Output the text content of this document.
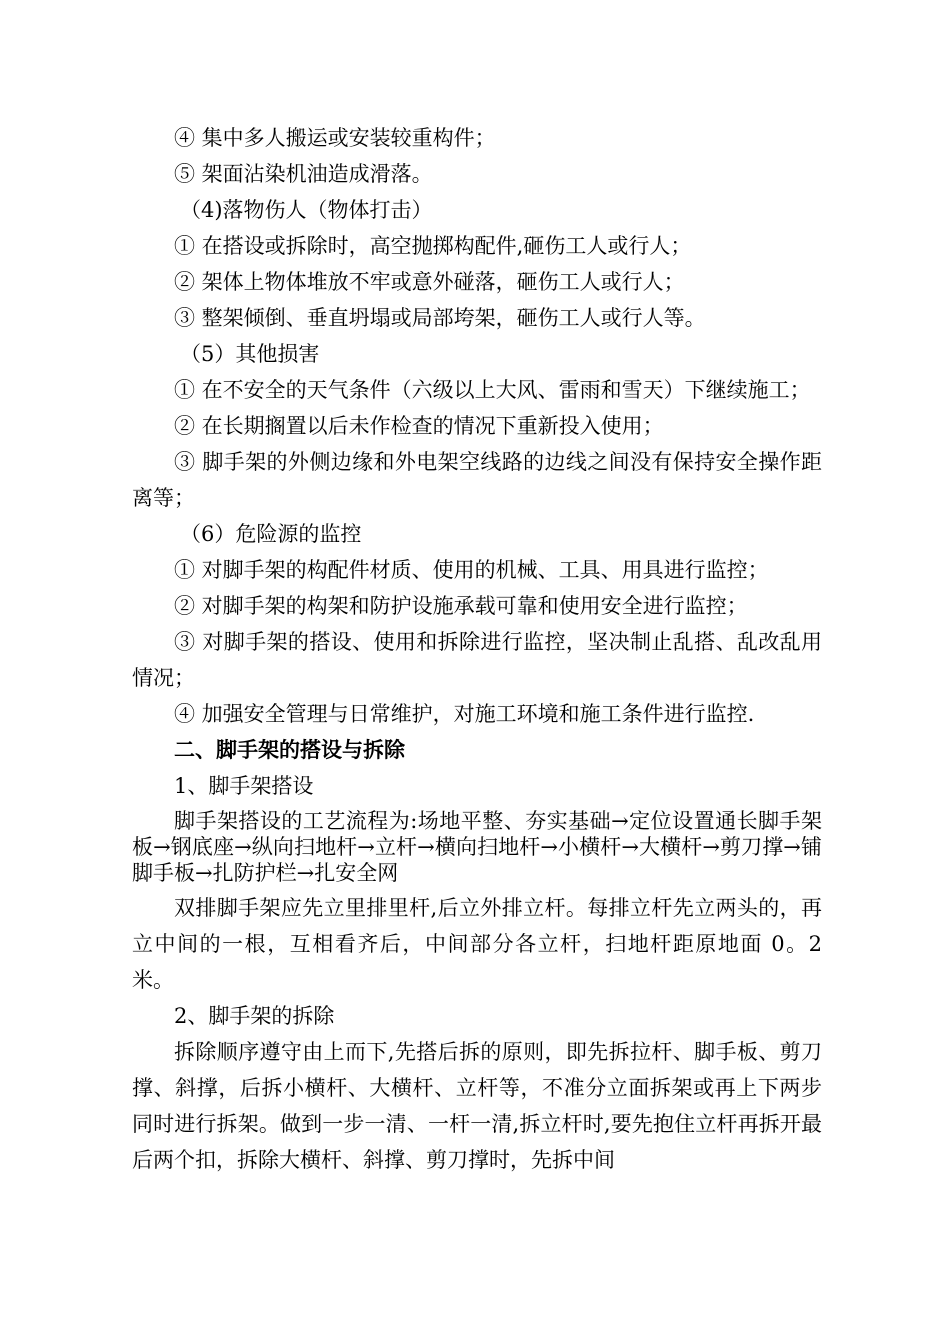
④ 集中多人搬运或安装较重构件；

⑤ 架面沾染机油造成滑落。

（4)落物伤人（物体打击）

① 在搭设或拆除时，高空抛掷构配件,砸伤工人或行人；

② 架体上物体堆放不牢或意外碰落，砸伤工人或行人；

③ 整架倾倒、垂直坍塌或局部垮架，砸伤工人或行人等。

（5）其他损害

① 在不安全的天气条件（六级以上大风、雷雨和雪天）下继续施工；

② 在长期搁置以后未作检查的情况下重新投入使用；

③ 脚手架的外侧边缘和外电架空线路的边线之间没有保持安全操作距离等；

（6）危险源的监控

① 对脚手架的构配件材质、使用的机械、工具、用具进行监控；

② 对脚手架的构架和防护设施承载可靠和使用安全进行监控；

③ 对脚手架的搭设、使用和拆除进行监控，坚决制止乱搭、乱改乱用情况；

④ 加强安全管理与日常维护，对施工环境和施工条件进行监控.

二、脚手架的搭设与拆除

1、脚手架搭设

脚手架搭设的工艺流程为:场地平整、夯实基础→定位设置通长脚手架板→钢底座→纵向扫地杆→立杆→横向扫地杆→小横杆→大横杆→剪刀撑→铺脚手板→扎防护栏→扎安全网

双排脚手架应先立里排里杆,后立外排立杆。每排立杆先立两头的，再立中间的一根，互相看齐后，中间部分各立杆，扫地杆距原地面 0。2 米。

2、脚手架的拆除

拆除顺序遵守由上而下,先搭后拆的原则，即先拆拉杆、脚手板、剪刀撑、斜撑，后拆小横杆、大横杆、立杆等，不准分立面拆架或再上下两步同时进行拆架。做到一步一清、一杆一清,拆立杆时,要先抱住立杆再拆开最后两个扣，拆除大横杆、斜撑、剪刀撑时，先拆中间
